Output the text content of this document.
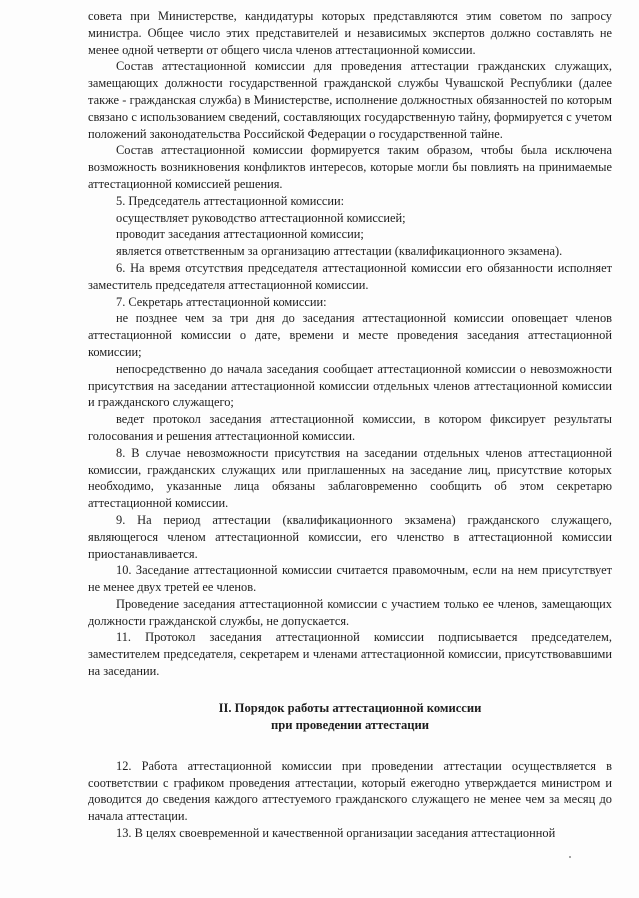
совета при Министерстве, кандидатуры которых представляются этим советом по запросу министра. Общее число этих представителей и независимых экспертов должно составлять не менее одной четверти от общего числа членов аттестационной комиссии.

Состав аттестационной комиссии для проведения аттестации гражданских служащих, замещающих должности государственной гражданской службы Чувашской Республики (далее также - гражданская служба) в Министерстве, исполнение должностных обязанностей по которым связано с использованием сведений, составляющих государственную тайну, формируется с учетом положений законодательства Российской Федерации о государственной тайне.

Состав аттестационной комиссии формируется таким образом, чтобы была исключена возможность возникновения конфликтов интересов, которые могли бы повлиять на принимаемые аттестационной комиссией решения.

5. Председатель аттестационной комиссии:

осуществляет руководство аттестационной комиссией;

проводит заседания аттестационной комиссии;

является ответственным за организацию аттестации (квалификационного экзамена).

6. На время отсутствия председателя аттестационной комиссии его обязанности исполняет заместитель председателя аттестационной комиссии.

7. Секретарь аттестационной комиссии:

не позднее чем за три дня до заседания аттестационной комиссии оповещает членов аттестационной комиссии о дате, времени и месте проведения заседания аттестационной комиссии;

непосредственно до начала заседания сообщает аттестационной комиссии о невозможности присутствия на заседании аттестационной комиссии отдельных членов аттестационной комиссии и гражданского служащего;

ведет протокол заседания аттестационной комиссии, в котором фиксирует результаты голосования и решения аттестационной комиссии.

8. В случае невозможности присутствия на заседании отдельных членов аттестационной комиссии, гражданских служащих или приглашенных на заседание лиц, присутствие которых необходимо, указанные лица обязаны заблаговременно сообщить об этом секретарю аттестационной комиссии.

9. На период аттестации (квалификационного экзамена) гражданского служащего, являющегося членом аттестационной комиссии, его членство в аттестационной комиссии приостанавливается.

10. Заседание аттестационной комиссии считается правомочным, если на нем присутствует не менее двух третей ее членов.

Проведение заседания аттестационной комиссии с участием только ее членов, замещающих должности гражданской службы, не допускается.

11. Протокол заседания аттестационной комиссии подписывается председателем, заместителем председателя, секретарем и членами аттестационной комиссии, присутствовавшими на заседании.

II. Порядок работы аттестационной комиссии
при проведении аттестации

12. Работа аттестационной комиссии при проведении аттестации осуществляется в соответствии с графиком проведения аттестации, который ежегодно утверждается министром и доводится до сведения каждого аттестуемого гражданского служащего не менее чем за месяц до начала аттестации.

13. В целях своевременной и качественной организации заседания аттестационной
